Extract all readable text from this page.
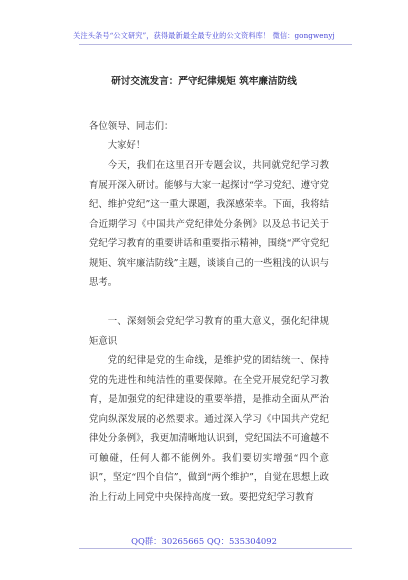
关注头条号“公文研究”，获得最新最全最专业的公文资料库！ 微信：gongwenyj
研讨交流发言：严守纪律规矩 筑牢廉洁防线
各位领导、同志们：
大家好！
今天，我们在这里召开专题会议，共同就党纪学习教育展开深入研讨。能够与大家一起探讨“学习党纪、遵守党纪、维护党纪”这一重大课题，我深感荣幸。下面，我将结合近期学习《中国共产党纪律处分条例》以及总书记关于党纪学习教育的重要讲话和重要指示精神，围绕“严守党纪规矩、筑牢廉洁防线”主题，谈谈自己的一些粗浅的认识与思考。
一、深刻领会党纪学习教育的重大意义，强化纪律规矩意识
党的纪律是党的生命线，是维护党的团结统一、保持党的先进性和纯洁性的重要保障。在全党开展党纪学习教育，是加强党的纪律建设的重要举措，是推动全面从严治党向纵深发展的必然要求。通过深入学习《中国共产党纪律处分条例》，我更加清晰地认识到，党纪国法不可逾越不可触碰，任何人都不能例外。我们要切实增强“四个意识”，坚定“四个自信”，做到“两个维护”，自觉在思想上政治上行动上同党中央保持高度一致。要把党纪学习教育
QQ群：30265665 QQ：535304092
